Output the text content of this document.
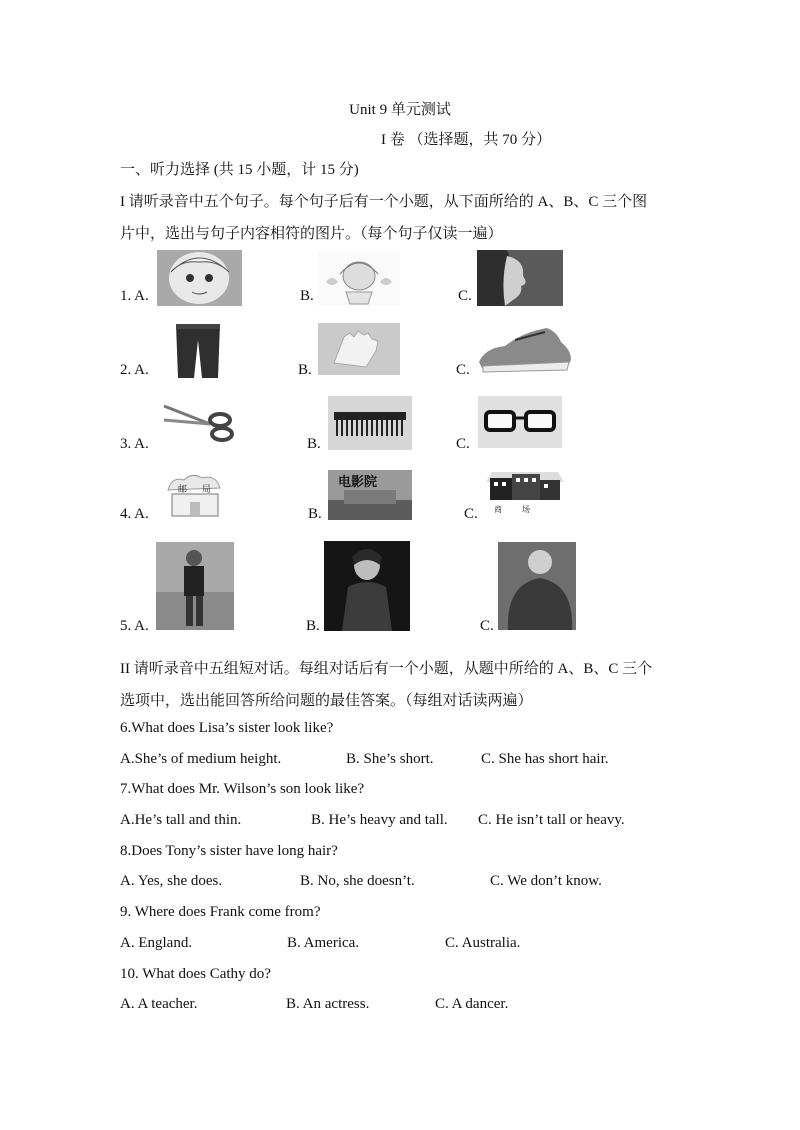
Unit 9 单元测试
I 卷 （选择题，共 70 分）
一、听力选择 (共 15 小题，计 15 分)
I 请听录音中五个句子。每个句子后有一个小题，从下面所给的 A、B、C 三个图
片中，选出与句子内容相符的图片。（每个句子仅读一遍）
1. A.	B.	C.
2. A.	B.	C.
3. A.	B.	C.
4. A.
邮 局
B.
电影院
C. 商	场
5. A.	B.	C.
II 请听录音中五组短对话。每组对话后有一个小题，从题中所给的 A、B、C 三个
选项中，选出能回答所给问题的最佳答案。（每组对话读两遍）
6.What does Lisa’s sister look like?
A.She’s of medium height.	B. She’s short.	C. She has short hair.
7.What does Mr. Wilson’s son look like?
A.He’s tall and thin.	B. He’s heavy and tall. C. He isn’t tall or heavy.
8.Does Tony’s sister have long hair?
A. Yes, she does.	B. No, she doesn’t.	C. We don’t know.
9. Where does Frank come from?
A. England.	B. America.	C. Australia.
10. What does Cathy do?
A. A teacher.	B. An actress.	C. A dancer.
